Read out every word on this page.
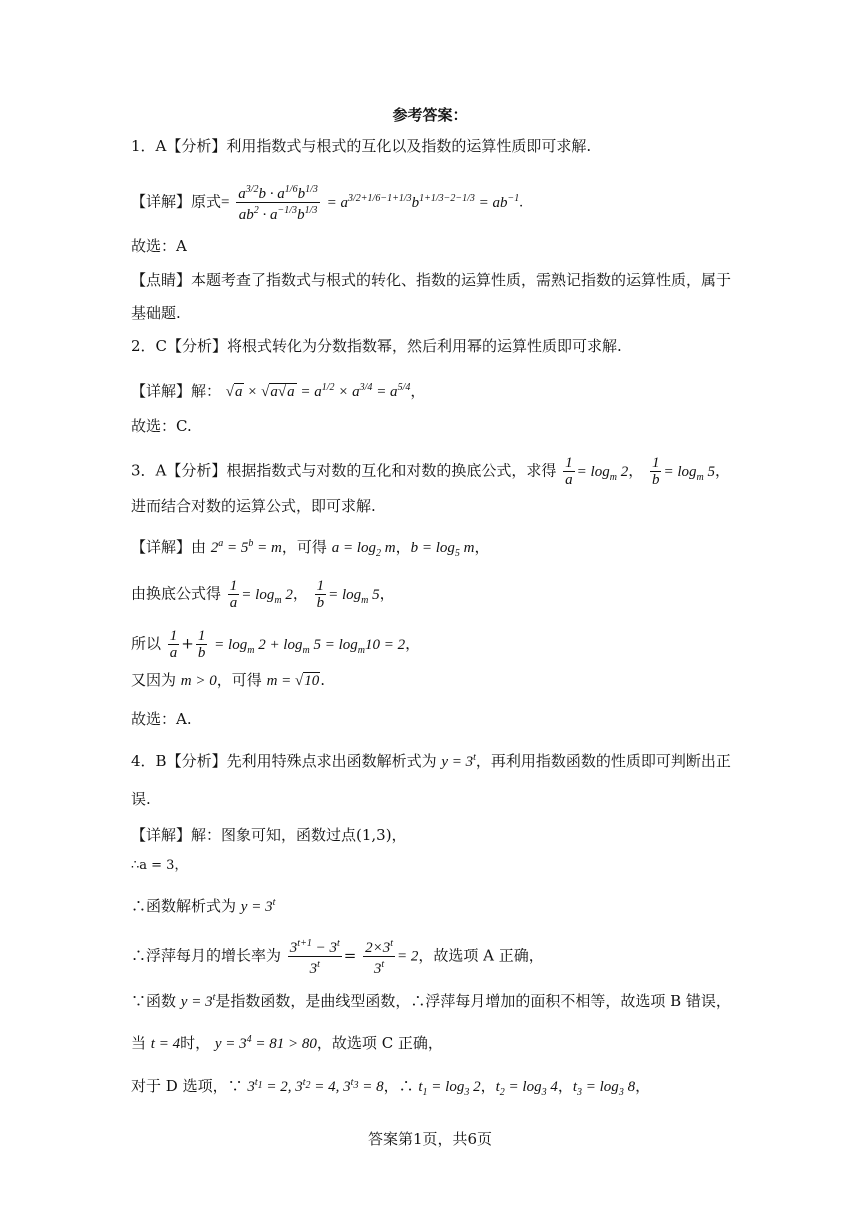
参考答案：
1．A【分析】利用指数式与根式的互化以及指数的运算性质即可求解.
【详解】原式= $\frac{a^{3/2}b \cdot a^{1/6}b^{1/3}}{ab^2 \cdot a^{-1/3}b^{1/3}} = a^{3/2+1/6-1+1/3}b^{1+1/3-2-1/3} = ab^{-1}$.
故选：A
【点睛】本题考查了指数式与根式的转化、指数的运算性质，需熟记指数的运算性质，属于
基础题.
2．C【分析】将根式转化为分数指数幂，然后利用幂的运算性质即可求解.
【详解】解： $√a \times √a√a = a^{1/2} \times a^{3/4} = a^{5/4}$，
故选：C.
3．A【分析】根据指数式与对数的互化和对数的换底公式，求得 $\frac{1}{a} = \log_m 2$， $\frac{1}{b} = \log_m 5$，
进而结合对数的运算公式，即可求解.
【详解】由 $2^a = 5^b = m$，可得 $a = \log_2 m$，$b = \log_5 m$，
由换底公式得 $\frac{1}{a} = \log_m 2$， $\frac{1}{b} = \log_m 5$，
所以 $\frac{1}{a} + \frac{1}{b} = \log_m 2 + \log_m 5 = \log_m10 = 2$，
又因为 m > 0，可得 m = √10.
故选：A.
4．B【分析】先利用特殊点求出函数解析式为 $y = 3^t$，再利用指数函数的性质即可判断出正
误.
【详解】解：图象可知，函数过点(1,3)，
∴a = 3，
∴函数解析式为 $y = 3^t$
∴浮萍每月的增长率为 $\frac{3^{t+1} - 3^t}{3^t} = \frac{2\times 3^t}{3^t} = 2$，故选项 A 正确，
∵函数 $y = 3^t$是指数函数，是曲线型函数，∴浮萍每月增加的面积不相等，故选项 B 错误，
当 t = 4时， $y = 3^4 = 81 > 80$，故选项 C 正确，
对于 D 选项，∵ $3^{t_1} = 2$, $3^{t_2} = 4$, $3^{t_3} = 8$，∴ $t_1 = \log_3 2$，$t_2 = \log_3 4$，$t_3 = \log_3 8$，
答案第1页，共6页
